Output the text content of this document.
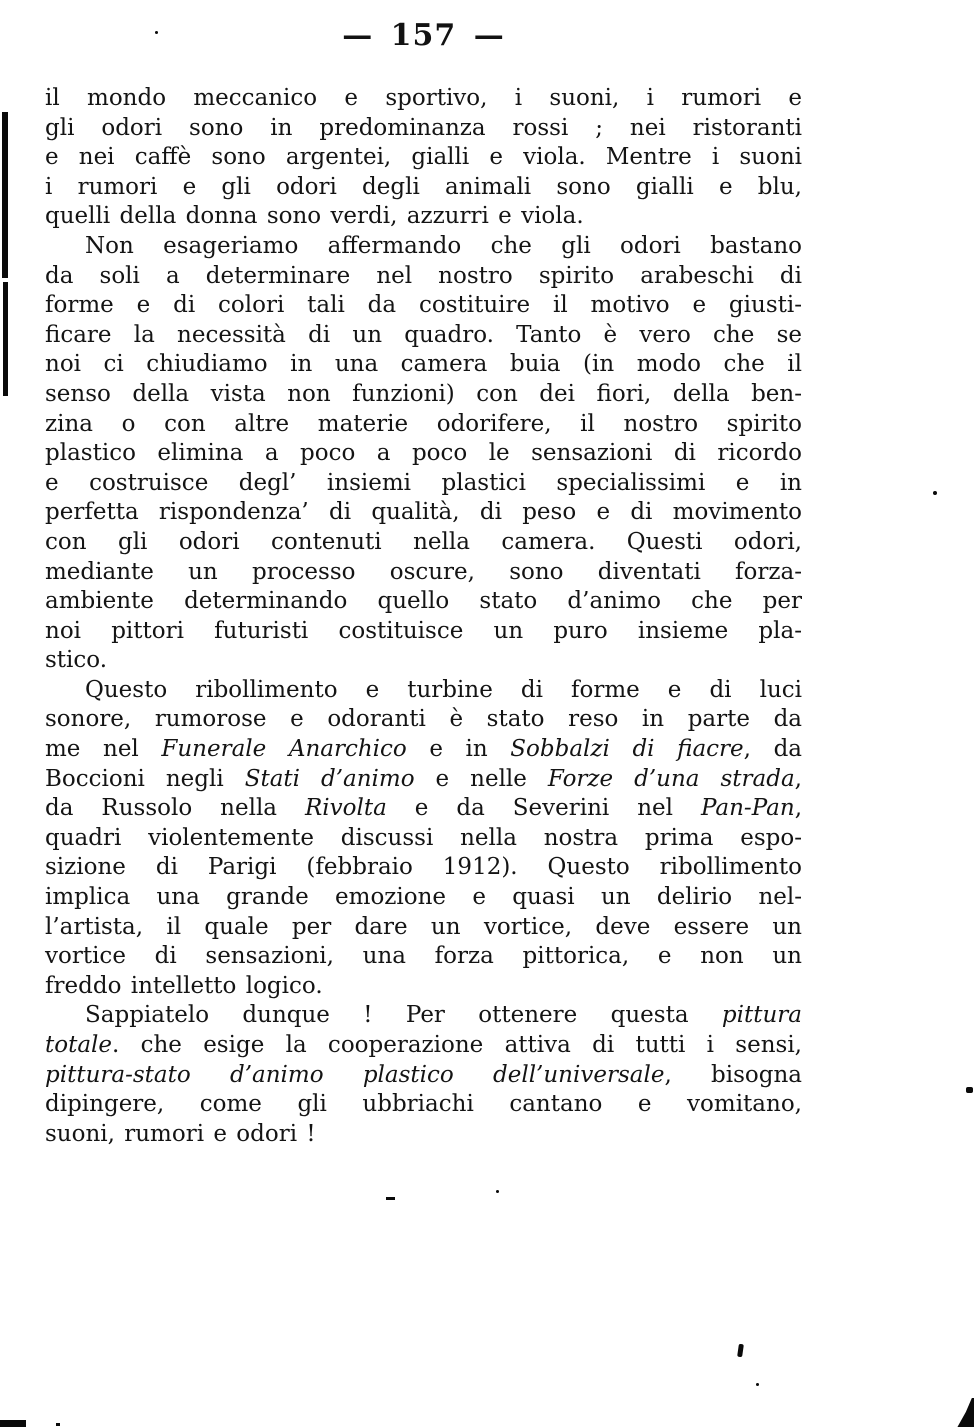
— 157 —
il mondo meccanico e sportivo, i suoni, i rumori e
gli odori sono in predominanza rossi ; nei ristoranti
e nei caffè sono argentei, gialli e viola. Mentre i suoni
i rumori e gli odori degli animali sono gialli e blu,
quelli della donna sono verdi, azzurri e viola.
Non esageriamo affermando che gli odori bastano
da soli a determinare nel nostro spirito arabeschi di
forme e di colori tali da costituire il motivo e giusti-
ficare la necessità di un quadro. Tanto è vero che se
noi ci chiudiamo in una camera buia (in modo che il
senso della vista non funzioni) con dei fiori, della ben-
zina o con altre materie odorifere, il nostro spirito
plastico elimina a poco a poco le sensazioni di ricordo
e costruisce degl’ insiemi plastici specialissimi e in
perfetta rispondenza’ di qualità, di peso e di movimento
con gli odori contenuti nella camera. Questi odori,
mediante un processo oscure, sono diventati forza-
ambiente determinando quello stato d’animo che per
noi pittori futuristi costituisce un puro insieme pla-
stico.
Questo ribollimento e turbine di forme e di luci
sonore, rumorose e odoranti è stato reso in parte da
me nel Funerale Anarchico e in Sobbalzi di fiacre, da
Boccioni negli Stati d’animo e nelle Forze d’una strada,
da Russolo nella Rivolta e da Severini nel Pan-Pan,
quadri violentemente discussi nella nostra prima espo-
sizione di Parigi (febbraio 1912). Questo ribollimento
implica una grande emozione e quasi un delirio nel-
l’artista, il quale per dare un vortice, deve essere un
vortice di sensazioni, una forza pittorica, e non un
freddo intelletto logico.
Sappiatelo dunque ! Per ottenere questa pittura
totale. che esige la cooperazione attiva di tutti i sensi,
pittura-stato d’animo plastico dell’universale, bisogna
dipingere, come gli ubbriachi cantano e vomitano,
suoni, rumori e odori !
